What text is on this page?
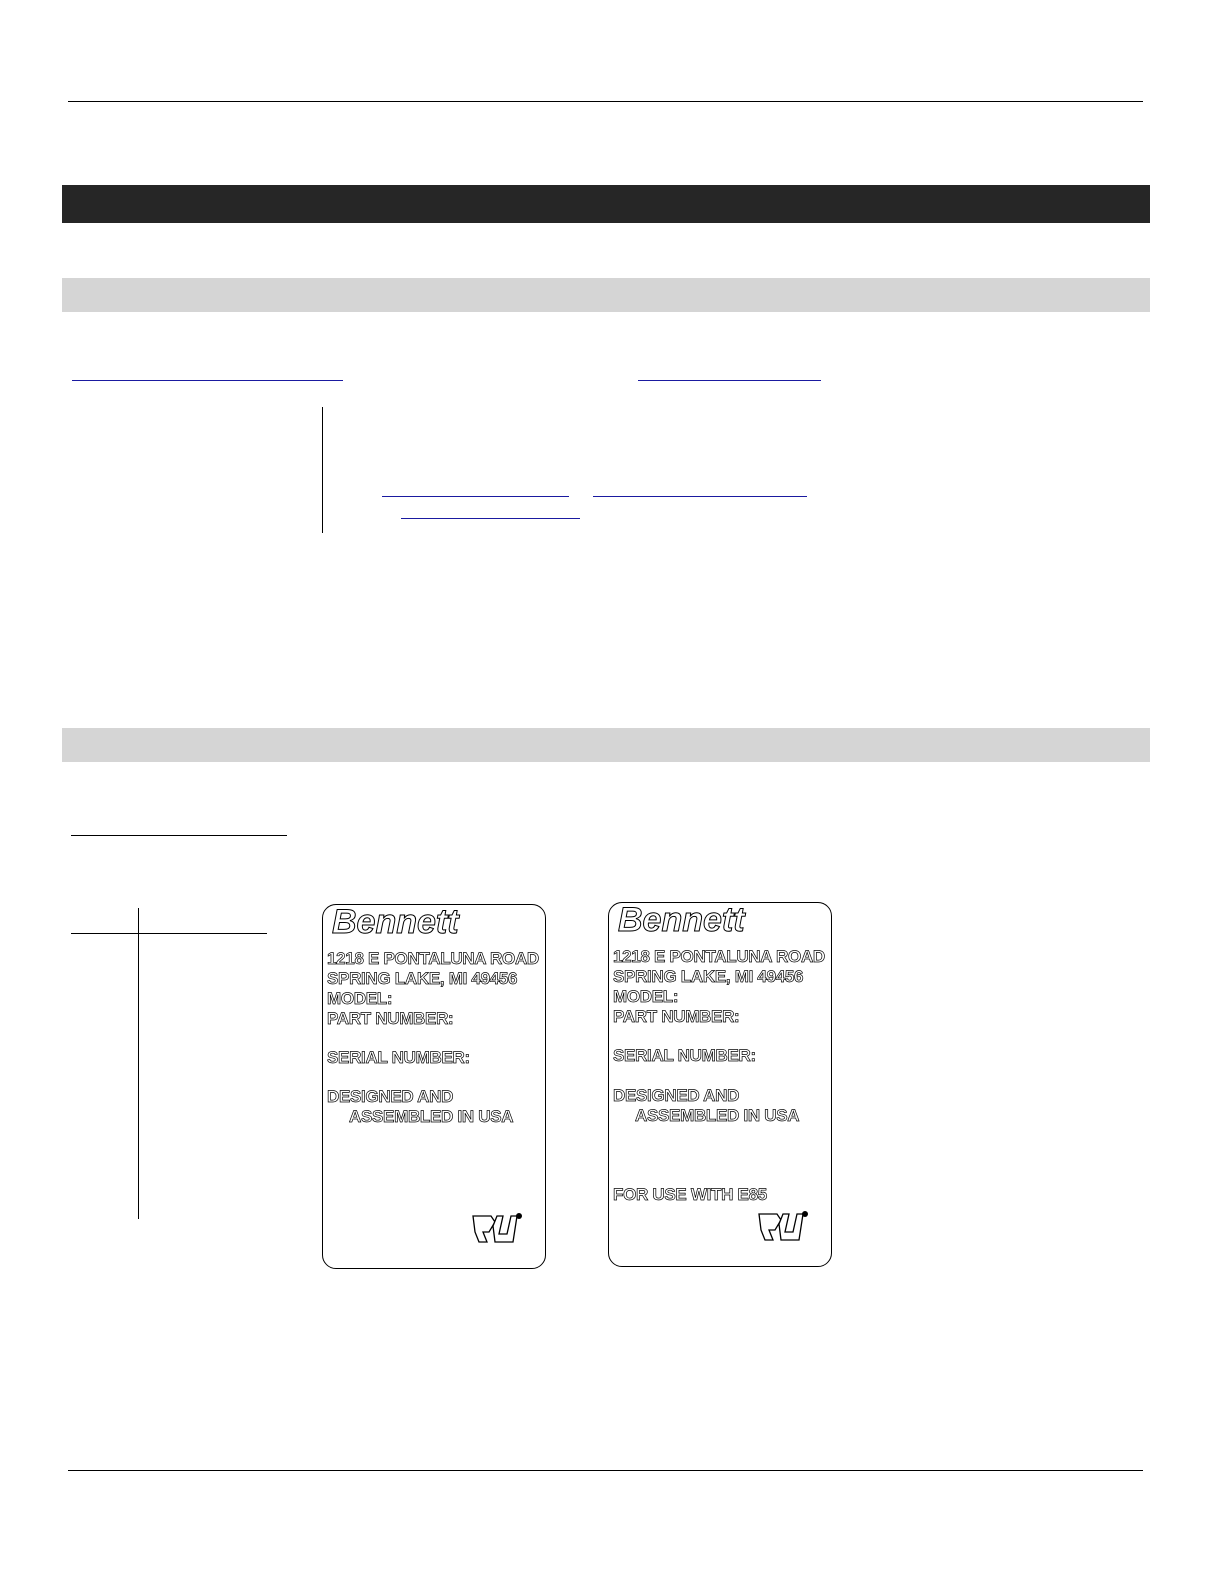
Bennett
1218 E PONTALUNA ROAD
SPRING LAKE, MI 49456
MODEL:
PART NUMBER:
SERIAL NUMBER:
DESIGNED AND
ASSEMBLED IN USA
Bennett
1218 E PONTALUNA ROAD
SPRING LAKE, MI 49456
MODEL:
PART NUMBER:
SERIAL NUMBER:
DESIGNED AND
ASSEMBLED IN USA
FOR USE WITH E85
